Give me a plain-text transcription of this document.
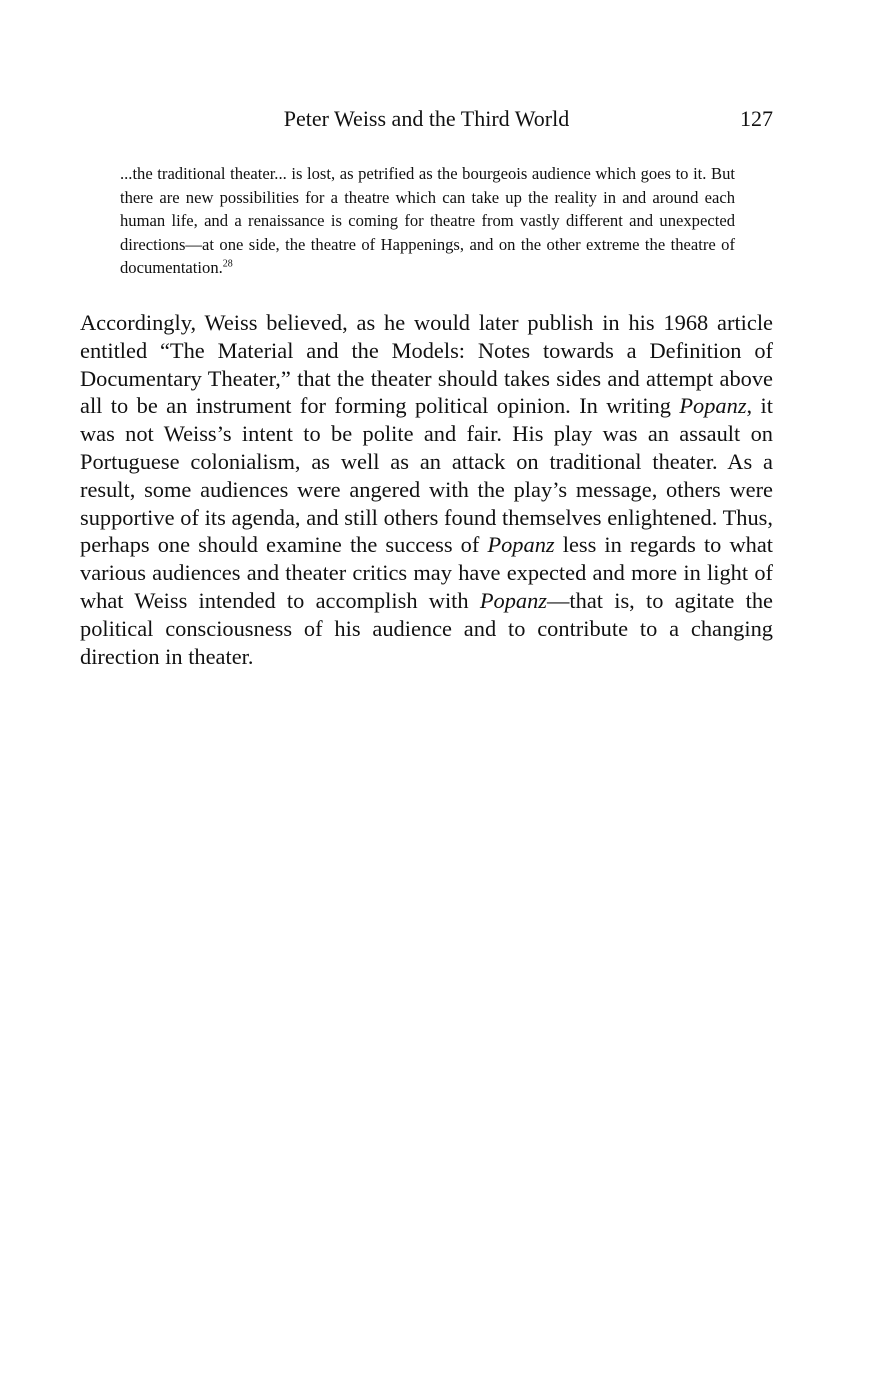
Peter Weiss and the Third World	127

...the traditional theater... is lost, as petrified as the bourgeois audience which goes to it. But there are new possibilities for a theatre which can take up the reality in and around each human life, and a renaissance is coming for theatre from vastly different and unexpected directions—at one side, the theatre of Happenings, and on the other extreme the theatre of documentation.$^{28}$

Accordingly, Weiss believed, as he would later publish in his 1968 article entitled “The Material and the Models: Notes towards a Definition of Documentary Theater,” that the theater should takes sides and attempt above all to be an instrument for forming political opinion. In writing Popanz, it was not Weiss’s intent to be polite and fair. His play was an assault on Portuguese colonialism, as well as an attack on traditional theater. As a result, some audiences were angered with the play’s message, others were supportive of its agenda, and still others found themselves enlightened. Thus, perhaps one should examine the success of Popanz less in regards to what various audiences and theater critics may have expected and more in light of what Weiss intended to accomplish with Popanz—that is, to agitate the political consciousness of his audience and to contribute to a changing direction in theater.
